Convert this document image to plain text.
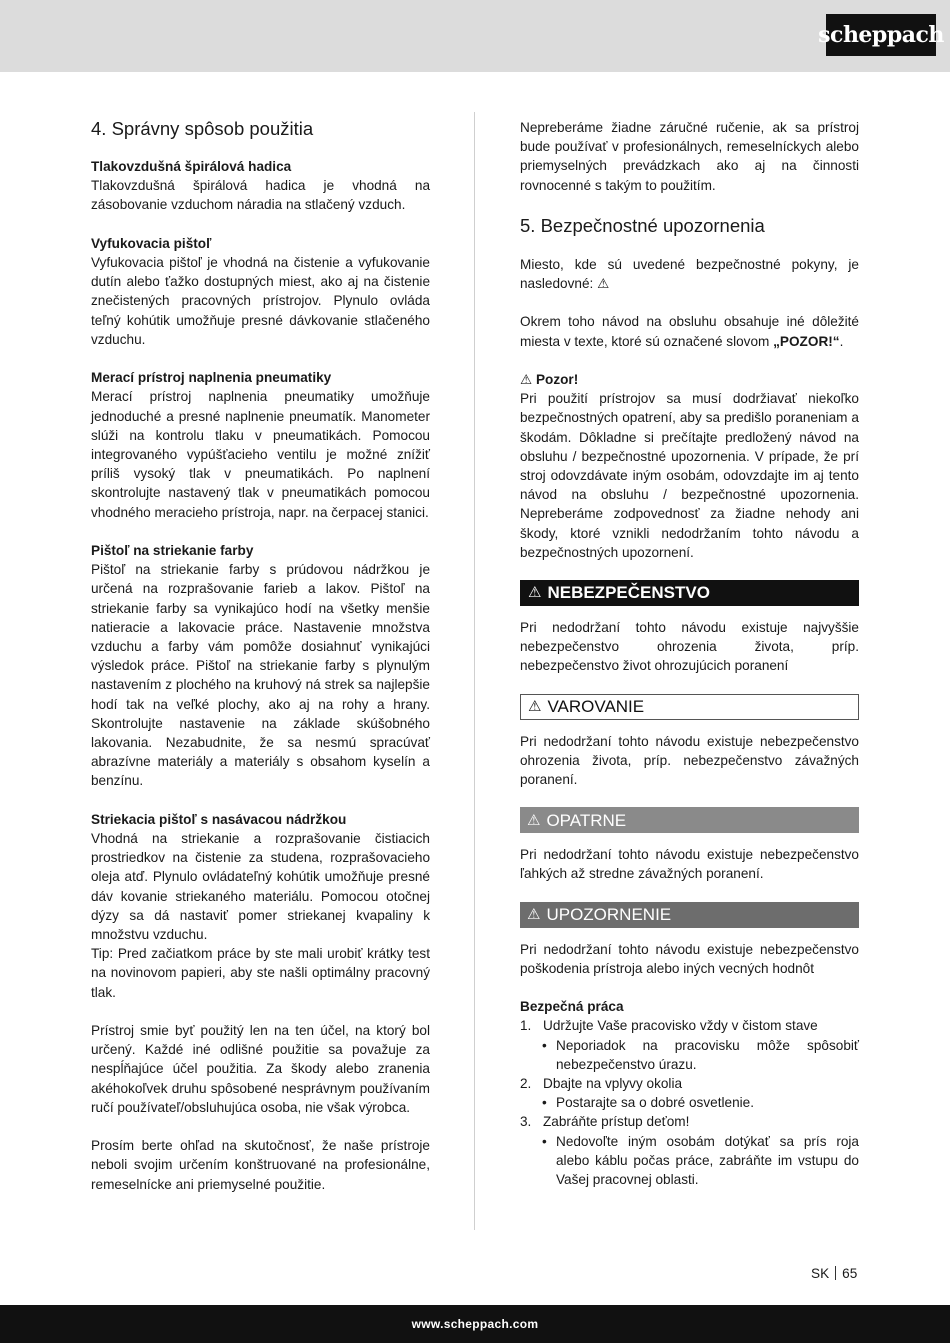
scheppach
4. Správny spôsob použitia
Tlakovzdušná špirálová hadica

Tlakovzdušná špirálová hadica je vhodná na zásobovanie vzduchom náradia na stlačený vzduch.

Vyfukovacia pištoľ

Vyfukovacia pištoľ je vhodná na čistenie a vyfukovanie dutín alebo ťažko dostupných miest, ako aj na čistenie znečistených pracovných prístrojov. Plynulo ovláda teľný kohútik umožňuje presné dávkovanie stlačeného vzduchu.

Merací prístroj naplnenia pneumatiky

Merací prístroj naplnenia pneumatiky umožňuje jednoduché a presné naplnenie pneumatík. Manometer slúži na kontrolu tlaku v pneumatikách. Pomocou integrovaného vypúšťacieho ventilu je možné znížiť príliš vysoký tlak v pneumatikách. Po naplnení skontrolujte nastavený tlak v pneumatikách pomocou vhodného meracieho prístroja, napr. na čerpacej stanici.

Pištoľ na striekanie farby

Pištoľ na striekanie farby s prúdovou nádržkou je určená na rozprašovanie farieb a lakov. Pištoľ na striekanie farby sa vynikajúco hodí na všetky menšie natieracie a lakovacie práce. Nastavenie množstva vzduchu a farby vám pomôže dosiahnuť vynikajúci výsledok práce. Pištoľ na striekanie farby s plynulým nastavením z plochého na kruhový ná strek sa najlepšie hodí tak na veľké plochy, ako aj na rohy a hrany. Skontrolujte nastavenie na základe skúšobného lakovania. Nezabudnite, že sa nesmú spracúvať abrazívne materiály a materiály s obsahom kyselín a benzínu.

Striekacia pištoľ s nasávacou nádržkou

Vhodná na striekanie a rozprašovanie čistiacich prostriedkov na čistenie za studena, rozprašovacieho oleja atď. Plynulo ovládateľný kohútik umožňuje presné dáv kovanie striekaného materiálu. Pomocou otočnej dýzy sa dá nastaviť pomer striekanej kvapaliny k množstvu vzduchu.

Tip: Pred začiatkom práce by ste mali urobiť krátky test na novinovom papieri, aby ste našli optimálny pracovný tlak.

Prístroj smie byť použitý len na ten účel, na ktorý bol určený. Každé iné odlišné použitie sa považuje za nespĺňajúce účel použitia. Za škody alebo zranenia akéhokoľvek druhu spôsobené nesprávnym používaním ručí používateľ/obsluhujúca osoba, nie však výrobca.

Prosím berte ohľad na skutočnosť, že naše prístroje neboli svojim určením konštruované na profesionálne, remeselnícke ani priemyselné použitie.

Nepreberáme žiadne záručné ručenie, ak sa prístroj bude používať v profesionálnych, remeselníckych alebo priemyselných prevádzkach ako aj na činnosti rovnocenné s takým to použitím.

5. Bezpečnostné upozornenia

Miesto, kde sú uvedené bezpečnostné pokyny, je nasledovné: ⚠

Okrem toho návod na obsluhu obsahuje iné dôležité miesta v texte, ktoré sú označené slovom „POZOR!“.

⚠ Pozor!

Pri použití prístrojov sa musí dodržiavať niekoľko bezpečnostných opatrení, aby sa predišlo poraneniam a škodám. Dôkladne si prečítajte predložený návod na obsluhu / bezpečnostné upozornenia. V prípade, že prí stroj odovzdávate iným osobám, odovzdajte im aj tento návod na obsluhu / bezpečnostné upozornenia. Nepreberáme zodpovednosť za žiadne nehody ani škody, ktoré vznikli nedodržaním tohto návodu a bezpečnostných upozornení.

⚠ NEBEZPEČENSTVO

Pri nedodržaní tohto návodu existuje najvyššie nebezpečenstvo ohrozenia života, príp. nebezpečenstvo život ohrozujúcich poranení

⚠ VAROVANIE

Pri nedodržaní tohto návodu existuje nebezpečenstvo ohrozenia života, príp. nebezpečenstvo závažných poranení.

⚠ OPATRNE

Pri nedodržaní tohto návodu existuje nebezpečenstvo ľahkých až stredne závažných poranení.

⚠ UPOZORNENIE

Pri nedodržaní tohto návodu existuje nebezpečenstvo poškodenia prístroja alebo iných vecných hodnôt

Bezpečná práca
1. Udržujte Vaše pracovisko vždy v čistom stave
• Neporiadok na pracovisku môže spôsobiť nebezpečenstvo úrazu.
2. Dbajte na vplyvy okolia
• Postarajte sa o dobré osvetlenie.
3. Zabráňte prístup deťom!
• Nedovoľte iným osobám dotýkať sa prís roja alebo káblu počas práce, zabráňte im vstupu do Vašej pracovnej oblasti.
SK 65
www.scheppach.com
